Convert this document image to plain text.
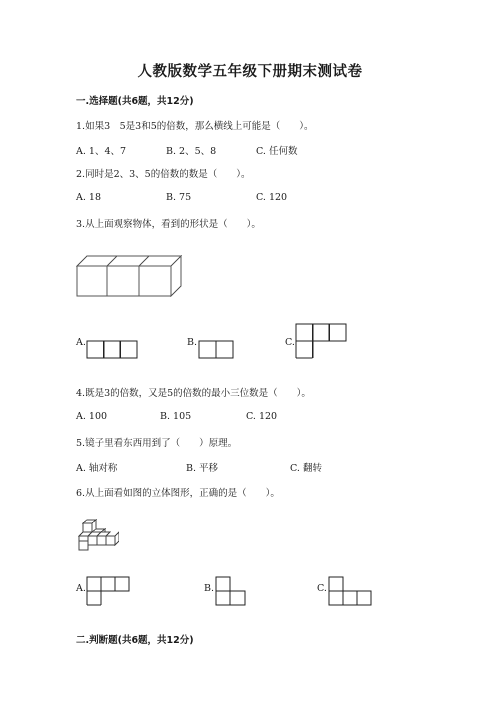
人教版数学五年级下册期末测试卷
一.选择题(共6题，共12分)
1.如果3　5是3和5的倍数，那么横线上可能是（　　）。
A. 1、4、7	B. 2、5、8	C. 任何数
2.同时是2、3、5的倍数的数是（　　）。
A. 18	B. 75	C. 120
3.从上面观察物体，看到的形状是（　　）。
A.	B.	C.
4.既是3的倍数，又是5的倍数的最小三位数是（　　）。
A. 100	B. 105	C. 120
5.镜子里看东西用到了（　　）原理。
A. 轴对称	B. 平移	C. 翻转
6.从上面看如图的立体图形，正确的是（　　）。
A.	B.	C.
二.判断题(共6题，共12分)
